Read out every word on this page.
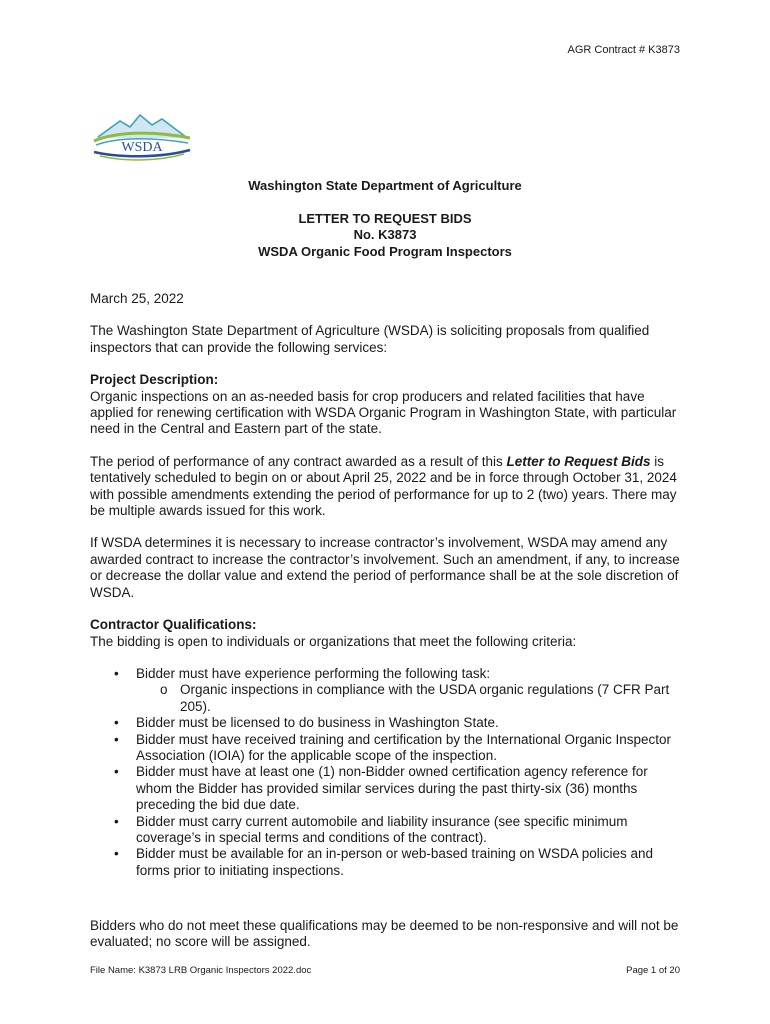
AGR Contract # K3873
WSDA
Washington State Department of Agriculture
LETTER TO REQUEST BIDS
No. K3873
WSDA Organic Food Program Inspectors

March 25, 2022

The Washington State Department of Agriculture (WSDA) is soliciting proposals from qualified inspectors that can provide the following services:

Project Description:

Organic inspections on an as-needed basis for crop producers and related facilities that have applied for renewing certification with WSDA Organic Program in Washington State, with particular need in the Central and Eastern part of the state.

The period of performance of any contract awarded as a result of this Letter to Request Bids is tentatively scheduled to begin on or about April 25, 2022 and be in force through October 31, 2024 with possible amendments extending the period of performance for up to 2 (two) years. There may be multiple awards issued for this work.

If WSDA determines it is necessary to increase contractor’s involvement, WSDA may amend any awarded contract to increase the contractor’s involvement. Such an amendment, if any, to increase or decrease the dollar value and extend the period of performance shall be at the sole discretion of WSDA.

Contractor Qualifications:

The bidding is open to individuals or organizations that meet the following criteria:

• Bidder must have experience performing the following task:
o Organic inspections in compliance with the USDA organic regulations (7 CFR Part 205).
• Bidder must be licensed to do business in Washington State.
• Bidder must have received training and certification by the International Organic Inspector Association (IOIA) for the applicable scope of the inspection.
• Bidder must have at least one (1) non-Bidder owned certification agency reference for whom the Bidder has provided similar services during the past thirty-six (36) months preceding the bid due date.
• Bidder must carry current automobile and liability insurance (see specific minimum coverage’s in special terms and conditions of the contract).
• Bidder must be available for an in-person or web-based training on WSDA policies and forms prior to initiating inspections.

Bidders who do not meet these qualifications may be deemed to be non-responsive and will not be evaluated; no score will be assigned.

File Name: K3873 LRB Organic Inspectors 2022.doc	Page 1 of 20
